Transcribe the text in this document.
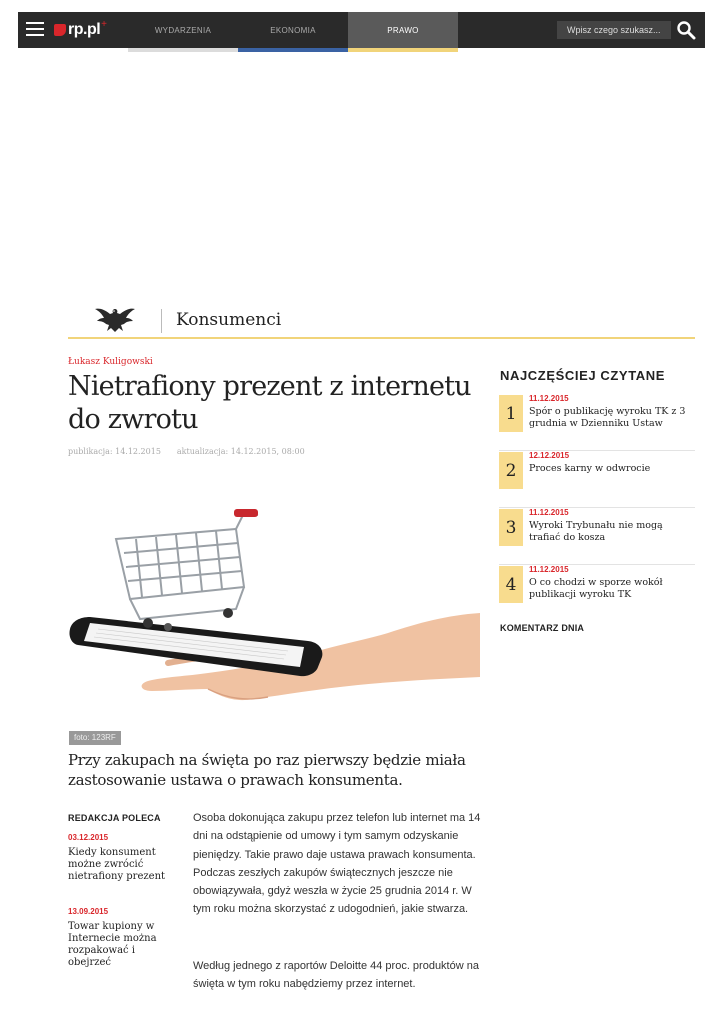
rp.pl +
WYDARZENIA	EKONOMIA	PRAWO	Wpisz czego szukasz...
Konsumenci
Łukasz Kuligowski
Nietrafiony prezent z internetu do zwrotu
publikacja: 14.12.2015 aktualizacja: 14.12.2015, 08:00
foto: 123RF

Przy zakupach na święta po raz pierwszy będzie miała zastosowanie ustawa o prawach konsumenta.

REDAKCJA POLECA
03.12.2015
Kiedy konsument możne zwrócić nietrafiony prezent
13.09.2015
Towar kupiony w Internecie można rozpakować i obejrzeć

Osoba dokonująca zakupu przez telefon lub internet ma 14 dni na odstąpienie od umowy i tym samym odzyskanie pieniędzy. Takie prawo daje ustawa prawach konsumenta. Podczas zeszłych zakupów świątecznych jeszcze nie obowiązywała, gdyż weszła w życie 25 grudnia 2014 r. W tym roku można skorzystać z udogodnień, jakie stwarza.

Według jednego z raportów Deloitte 44 proc. produktów na święta w tym roku nabędziemy przez internet.

NAJCZĘŚCIEJ CZYTANE
1
11.12.2015
Spór o publikację wyroku TK z 3 grudnia w Dzienniku Ustaw
2
12.12.2015
Proces karny w odwrocie
3
11.12.2015
Wyroki Trybunału nie mogą trafiać do kosza
4
11.12.2015
O co chodzi w sporze wokół publikacji wyroku TK
KOMENTARZ DNIA
